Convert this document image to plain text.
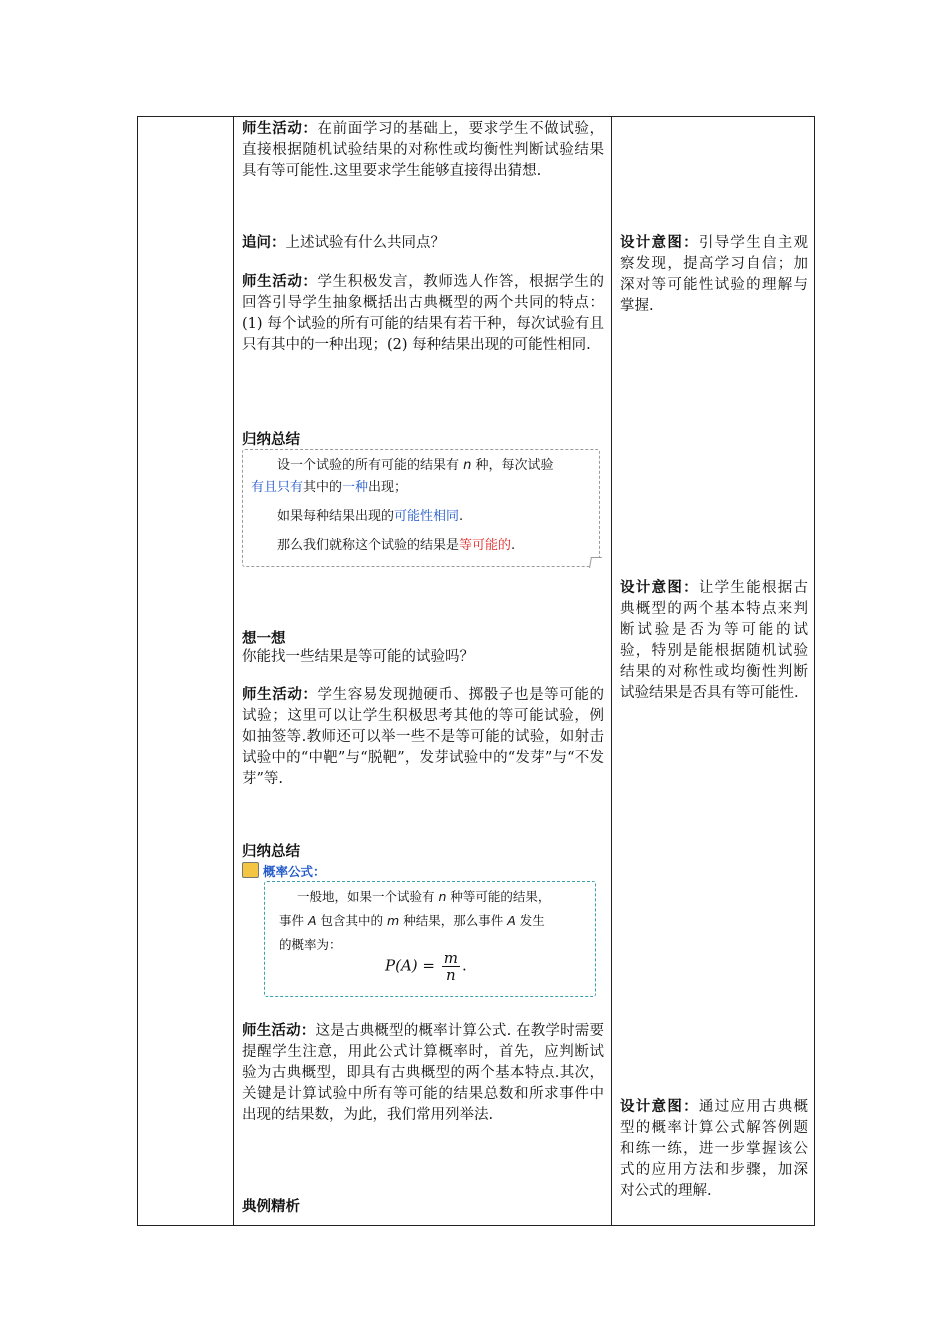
师生活动：在前面学习的基础上，要求学生不做试验，直接根据随机试验结果的对称性或均衡性判断试验结果具有等可能性.这里要求学生能够直接得出猜想.
追问：上述试验有什么共同点？
师生活动：学生积极发言，教师选人作答，根据学生的回答引导学生抽象概括出古典概型的两个共同的特点：(1) 每个试验的所有可能的结果有若干种，每次试验有且只有其中的一种出现；(2) 每种结果出现的可能性相同.
归纳总结
设一个试验的所有可能的结果有 n 种，每次试验
有且只有其中的一种出现；
如果每种结果出现的可能性相同.
那么我们就称这个试验的结果是等可能的.
想一想
你能找一些结果是等可能的试验吗？
师生活动：学生容易发现抛硬币、掷骰子也是等可能的试验；这里可以让学生积极思考其他的等可能试验，例如抽签等.教师还可以举一些不是等可能的试验，如射击试验中的“中靶”与“脱靶”，发芽试验中的“发芽”与“不发芽”等.
归纳总结
概率公式：
一般地，如果一个试验有 n 种等可能的结果，
事件 A 包含其中的 m 种结果，那么事件 A 发生
的概率为：
$P(A) = \frac{m}{n}$ .
师生活动：这是古典概型的概率计算公式. 在教学时需要提醒学生注意，用此公式计算概率时，首先，应判断试验为古典概型，即具有古典概型的两个基本特点.其次，关键是计算试验中所有等可能的结果总数和所求事件中出现的结果数，为此，我们常用列举法.
典例精析
设计意图：引导学生自主观察发现，提高学习自信；加深对等可能性试验的理解与掌握.
设计意图：让学生能根据古典概型的两个基本特点来判断试验是否为等可能的试验，特别是能根据随机试验结果的对称性或均衡性判断试验结果是否具有等可能性.
设计意图：通过应用古典概型的概率计算公式解答例题和练一练，进一步掌握该公式的应用方法和步骤，加深对公式的理解.
